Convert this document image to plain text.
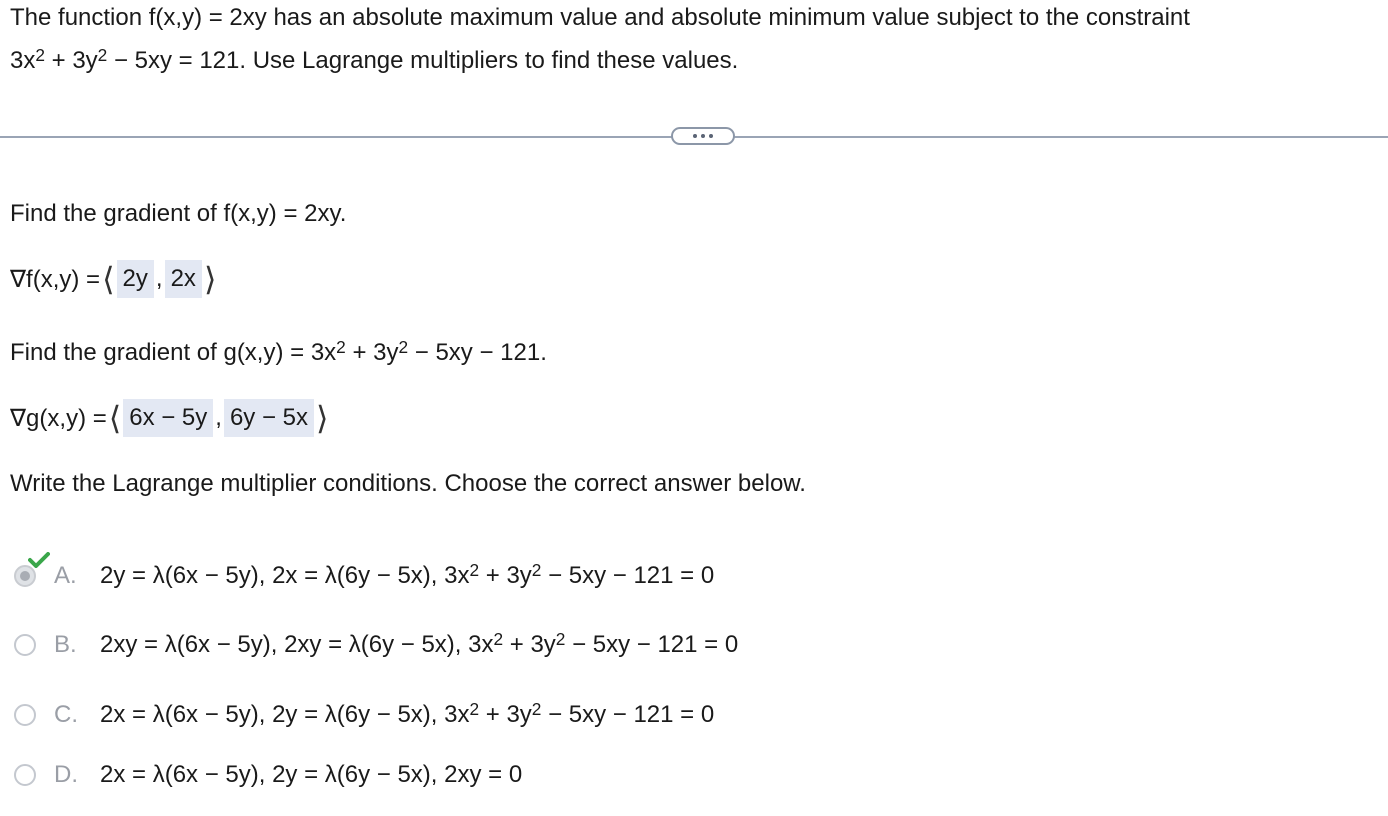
The function f(x,y) = 2xy has an absolute maximum value and absolute minimum value subject to the constraint
$3x^2 + 3y^2 - 5xy = 121$. Use Lagrange multipliers to find these values.
Find the gradient of f(x,y) = 2xy.
∇f(x,y) = ⟨ 2y , 2x ⟩
Find the gradient of $g(x,y) = 3x^2 + 3y^2 - 5xy - 121$.
∇g(x,y) = ⟨ 6x − 5y , 6y − 5x ⟩
Write the Lagrange multiplier conditions. Choose the correct answer below.
A. 2y = λ(6x − 5y), 2x = λ(6y − 5x), $3x^2 + 3y^2 - 5xy - 121 = 0$
B. 2xy = λ(6x − 5y), 2xy = λ(6y − 5x), $3x^2 + 3y^2 - 5xy - 121 = 0$
C. 2x = λ(6x − 5y), 2y = λ(6y − 5x), $3x^2 + 3y^2 - 5xy - 121 = 0$
D. 2x = λ(6x − 5y), 2y = λ(6y − 5x), 2xy = 0
